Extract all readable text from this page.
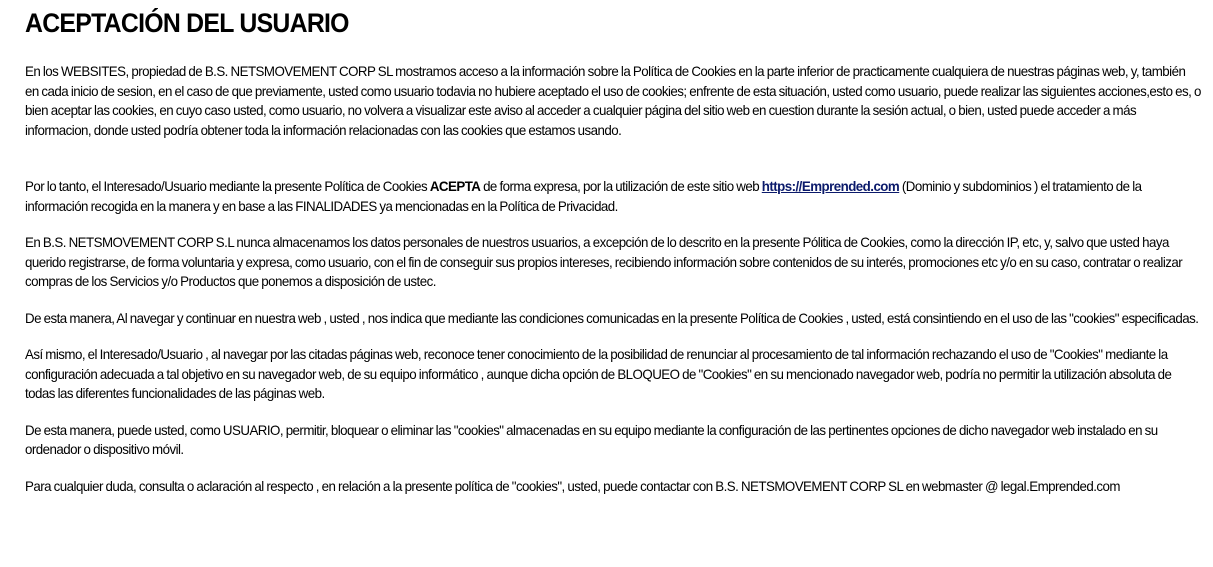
ACEPTACIÓN DEL USUARIO

En los WEBSITES, propiedad de B.S. NETSMOVEMENT CORP SL mostramos acceso a la información sobre la Política de Cookies en la parte inferior de practicamente cualquiera de nuestras páginas web, y, también en cada inicio de sesion, en el caso de que previamente, usted como usuario todavia no hubiere aceptado el uso de cookies; enfrente de esta situación, usted como usuario, puede realizar las siguientes acciones,esto es, o bien aceptar las cookies, en cuyo caso usted, como usuario, no volvera a visualizar este aviso al acceder a cualquier página del sitio web en cuestion durante la sesión actual, o bien, usted puede acceder a más informacion, donde usted podría obtener toda la información relacionadas con las cookies que estamos usando.

Por lo tanto, el Interesado/Usuario mediante la presente Política de Cookies ACEPTA de forma expresa, por la utilización de este sitio web https://Emprended.com (Dominio y subdominios ) el tratamiento de la información recogida en la manera y en base a las FINALIDADES ya mencionadas en la Política de Privacidad.

En B.S. NETSMOVEMENT CORP S.L nunca almacenamos los datos personales de nuestros usuarios, a excepción de lo descrito en la presente Pólitica de Cookies, como la dirección IP, etc, y, salvo que usted haya querido registrarse, de forma voluntaria y expresa, como usuario, con el fin de conseguir sus propios intereses, recibiendo información sobre contenidos de su interés, promociones etc y/o en su caso, contratar o realizar compras de los Servicios y/o Productos que ponemos a disposición de ustec.

De esta manera, Al navegar y continuar en nuestra web , usted , nos indica que mediante las condiciones comunicadas en la presente Política de Cookies , usted, está consintiendo en el uso de las "cookies" especificadas.

Así mismo, el Interesado/Usuario , al navegar por las citadas páginas web, reconoce tener conocimiento de la posibilidad de renunciar al procesamiento de tal información rechazando el uso de "Cookies" mediante la configuración adecuada a tal objetivo en su navegador web, de su equipo informático , aunque dicha opción de BLOQUEO de "Cookies" en su mencionado navegador web, podría no permitir la utilización absoluta de todas las diferentes funcionalidades de las páginas web.

De esta manera, puede usted, como USUARIO, permitir, bloquear o eliminar las "cookies" almacenadas en su equipo mediante la configuración de las pertinentes opciones de dicho navegador web instalado en su ordenador o dispositivo móvil.

Para cualquier duda, consulta o aclaración al respecto , en relación a la presente política de "cookies", usted, puede contactar con B.S. NETSMOVEMENT CORP SL en webmaster @ legal.Emprended.com
